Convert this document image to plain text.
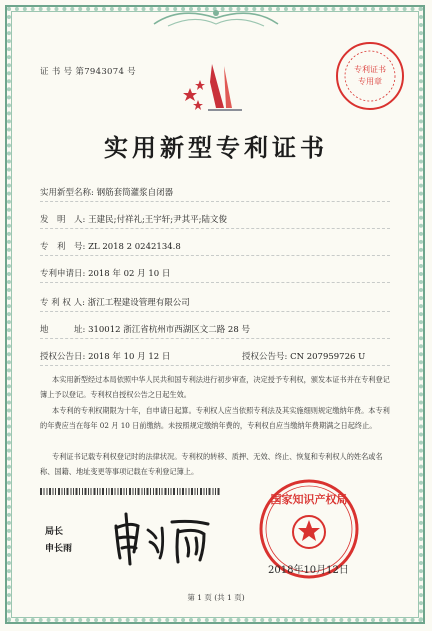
证 书 号 第7943074 号	专利证书
专用章
实用新型专利证书
实用新型名称: 钢筋套筒灌浆自闭器
发　明　人: 王建民;付祥礼;王宇轩;尹其平;陆文俊
专　利　号: ZL 2018 2 0242134.8
专利申请日: 2018 年 02 月 10 日
专 利 权 人: 浙江工程建设管理有限公司
地　　　址: 310012 浙江省杭州市西湖区文二路 28 号
授权公告日: 2018 年 10 月 12 日	授权公告号: CN 207959726 U
本实用新型经过本局依照中华人民共和国专利法进行初步审查，决定授予专利权，颁发本证书并在专利登记簿上予以登记。专利权自授权公告之日起生效。
本专利的专利权期限为十年，自申请日起算。专利权人应当依照专利法及其实施细则规定缴纳年费。本专利的年费应当在每年 02 月 10 日前缴纳。未按照规定缴纳年费的，专利权自应当缴纳年费期满之日起终止。
专利证书记载专利权登记时的法律状况。专利权的转移、质押、无效、终止、恢复和专利权人的姓名或名称、国籍、地址变更等事项记载在专利登记簿上。
局长
申长雨
国家知识产权局
2018年10月12日
第 1 页 (共 1 页)
